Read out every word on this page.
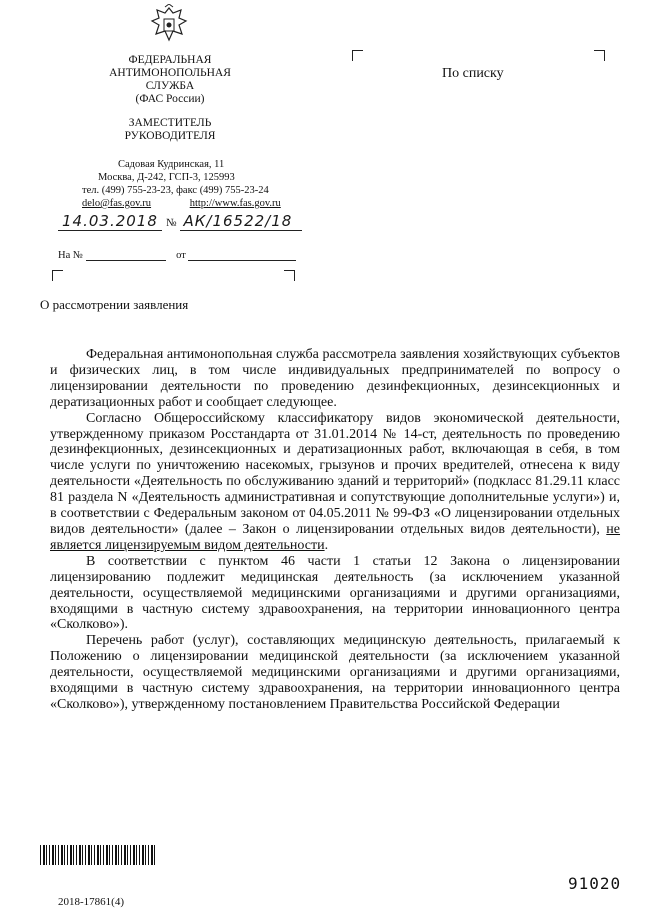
ФЕДЕРАЛЬНАЯ
АНТИМОНОПОЛЬНАЯ
СЛУЖБА
(ФАС России)
ЗАМЕСТИТЕЛЬ
РУКОВОДИТЕЛЯ
Садовая Кудринская, 11
Москва, Д-242, ГСП-3, 125993
тел. (499) 755-23-23, факс (499) 755-23-24
delo@fas.gov.ru	http://www.fas.gov.ru
По списку
14.03.2018 № АК/16522/18
На №	от
О рассмотрении заявления

Федеральная антимонопольная служба рассмотрела заявления хозяйствующих субъектов и физических лиц, в том числе индивидуальных предпринимателей по вопросу о лицензировании деятельности по проведению дезинфекционных, дезинсекционных и дератизационных работ и сообщает следующее.

Согласно Общероссийскому классификатору видов экономической деятельности, утвержденному приказом Росстандарта от 31.01.2014 № 14-ст, деятельность по проведению дезинфекционных, дезинсекционных и дератизационных работ, включающая в себя, в том числе услуги по уничтожению насекомых, грызунов и прочих вредителей, отнесена к виду деятельности «Деятельность по обслуживанию зданий и территорий» (подкласс 81.29.11 класс 81 раздела N «Деятельность административная и сопутствующие дополнительные услуги») и, в соответствии с Федеральным законом от 04.05.2011 № 99-ФЗ «О лицензировании отдельных видов деятельности» (далее – Закон о лицензировании отдельных видов деятельности), не является лицензируемым видом деятельности.

В соответствии с пунктом 46 части 1 статьи 12 Закона о лицензировании лицензированию подлежит медицинская деятельность (за исключением указанной деятельности, осуществляемой медицинскими организациями и другими организациями, входящими в частную систему здравоохранения, на территории инновационного центра «Сколково»).

Перечень работ (услуг), составляющих медицинскую деятельность, прилагаемый к Положению о лицензировании медицинской деятельности (за исключением указанной деятельности, осуществляемой медицинскими организациями и другими организациями, входящими в частную систему здравоохранения, на территории инновационного центра «Сколково»), утвержденному постановлением Правительства Российской Федерации

91020
2018-17861(4)
